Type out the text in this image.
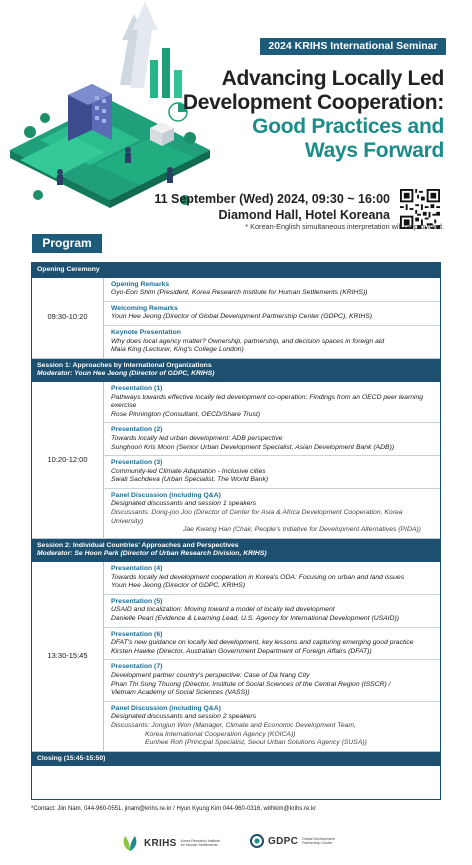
2024 KRIHS International Seminar
Advancing Locally Led
Development Cooperation:
Good Practices and
Ways Forward
11 September (Wed) 2024, 09:30 ~ 16:00
Diamond Hall, Hotel Koreana
* Korean-English simultaneous interpretation will be provided.
Program
Opening Ceremony
09:30-10:20
Opening Remarks
Gyo-Eon Shim (President, Korea Research Institute for Human Settlements (KRIHS))
Welcoming Remarks
Youn Hee Jeong (Director of Global Development Partnership Center (GDPC), KRIHS)
Keynote Presentation
Why does local agency matter? Ownership, partnership, and decision spaces in foreign aid
Maia King (Lecturer, King's College London)
Session 1: Approaches by International Organizations
Moderator: Youn Hee Jeong (Director of GDPC, KRIHS)
10:20-12:00
Presentation (1)
Pathways towards effective locally led development co-operation: Findings from an OECD peer learning exercise
Rose Pinnington (Consultant, OECD/Share Trust)
Presentation (2)
Towards locally led urban development: ADB perspective
Sunghoon Kris Moon (Senior Urban Development Specialist, Asian Development Bank (ADB))
Presentation (3)
Community-led Climate Adaptation - Inclusive cities
Swati Sachdeva (Urban Specialist, The World Bank)
Panel Discussion (including Q&A)
Designated discussants and session 1 speakers
Discussants: Dong-joo Joo (Director of Center for Asia & Africa Development Cooperation, Korea University)
Jae Kwang Han (Chair, People's Initiative for Development Alternatives (PIDA))
Session 2: Individual Countries' Approaches and Perspectives
Moderator: Se Hoon Park (Director of Urban Research Division, KRIHS)
13:30-15:45
Presentation (4)
Towards locally led development cooperation in Korea's ODA: Focusing on urban and land issues
Youn Hee Jeong (Director of GDPC, KRIHS)
Presentation (5)
USAID and localization: Moving toward a model of locally led development
Danielle Pearl (Evidence & Learning Lead, U.S. Agency for International Development (USAID))
Presentation (6)
DFAT's new guidance on locally led development, key lessons and capturing emerging good practice
Kirsten Hawke (Director, Australian Government Department of Foreign Affairs (DFAT))
Presentation (7)
Development partner country's perspective: Case of Da Nang City
Phan Thi Song Thuong (Director, Institute of Social Sciences of the Central Region (ISSCR) /
Vietnam Academy of Social Sciences (VASS))
Panel Discussion (including Q&A)
Designated discussants and session 2 speakers
Discussants: Jongjun Won (Manager, Climate and Economic Development Team,
Korea International Cooperation Agency (KOICA))
Eunhee Roh (Principal Specialist, Seoul Urban Solutions Agency (SUSA))
Closing (15:45-15:50)
*Contact: Jiin Nam, 044-960-0551, jinam@krihs.re.kr / Hyun Kyung Kim 044-960-0316, withkim@krihs.re.kr
KRIHS Korea Research Institute for Human Settlements	GDPC Global Development Partnership Center
